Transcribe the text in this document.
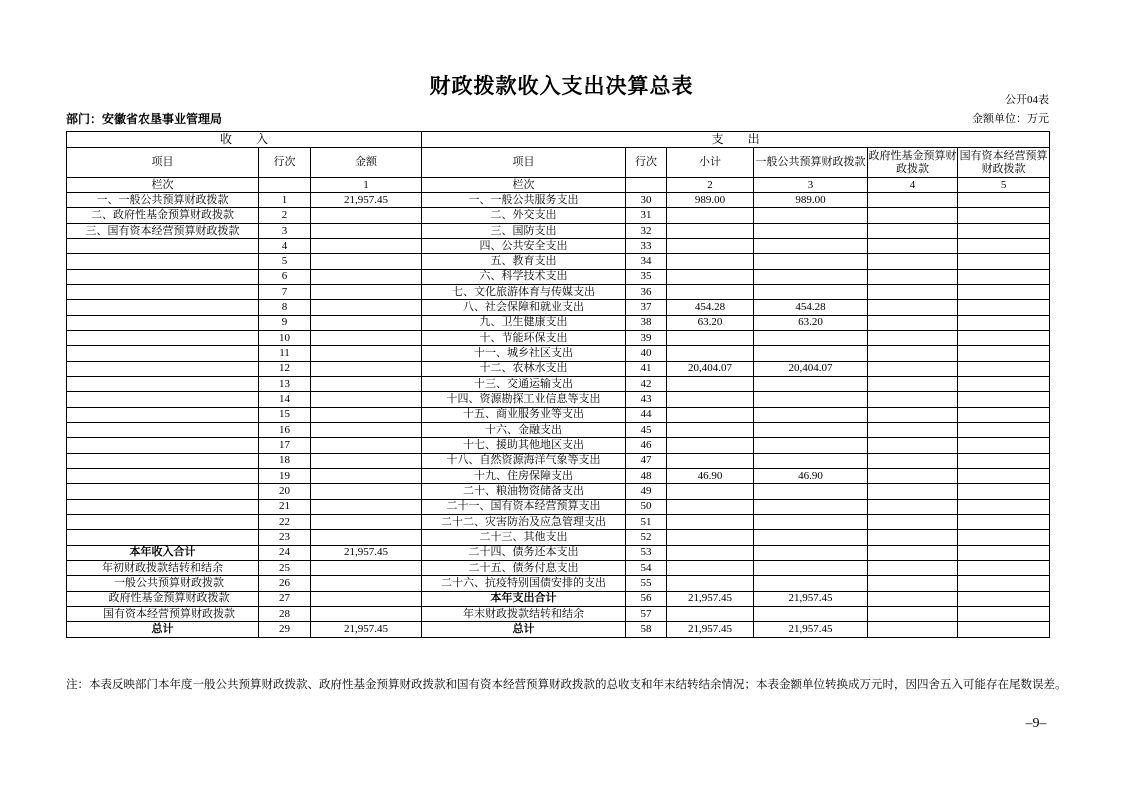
财政拨款收入支出决算总表
公开04表
部门：安徽省农垦事业管理局	金额单位：万元
收　　入			支　　出					
项目	行次	金额	项目	行次	小计	一般公共预算财政拨款	政府性基金预算财政拨款	国有资本经营预算财政拨款
栏次		1	栏次		2	3	4	5
一、一般公共预算财政拨款	1	21,957.45	一、一般公共服务支出	30	989.00	989.00		
二、政府性基金预算财政拨款	2		二、外交支出	31				
三、国有资本经营预算财政拨款	3		三、国防支出	32				
	4		四、公共安全支出	33				
	5		五、教育支出	34				
	6		六、科学技术支出	35				
	7		七、文化旅游体育与传媒支出	36				
	8		八、社会保障和就业支出	37	454.28	454.28		
	9		九、卫生健康支出	38	63.20	63.20		
	10		十、节能环保支出	39				
	11		十一、城乡社区支出	40				
	12		十二、农林水支出	41	20,404.07	20,404.07		
	13		十三、交通运输支出	42				
	14		十四、资源勘探工业信息等支出	43				
	15		十五、商业服务业等支出	44				
	16		十六、金融支出	45				
	17		十七、援助其他地区支出	46				
	18		十八、自然资源海洋气象等支出	47				
	19		十九、住房保障支出	48	46.90	46.90		
	20		二十、粮油物资储备支出	49				
	21		二十一、国有资本经营预算支出	50				
	22		二十二、灾害防治及应急管理支出	51				
	23		二十三、其他支出	52				
本年收入合计	24	21,957.45	二十四、债务还本支出	53				
年初财政拨款结转和结余	25		二十五、债务付息支出	54				
一般公共预算财政拨款	26		二十六、抗疫特别国债安排的支出	55				
政府性基金预算财政拨款	27		本年支出合计	56	21,957.45	21,957.45		
国有资本经营预算财政拨款	28		年末财政拨款结转和结余	57				
总计	29	21,957.45	总计	58	21,957.45	21,957.45		
注：本表反映部门本年度一般公共预算财政拨款、政府性基金预算财政拨款和国有资本经营预算财政拨款的总收支和年末结转结余情况；本表金额单位转换成万元时，因四舍五入可能存在尾数误差。
–9–
